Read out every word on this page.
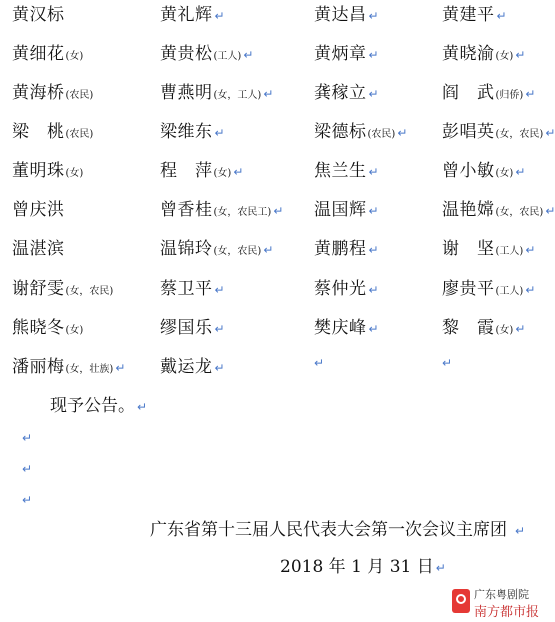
黄汉标	黄礼辉 ↵	黄达昌 ↵	黄建平 ↵
黄细花(女)	黄贵松(工人) ↵	黄炳章 ↵	黄晓渝(女) ↵
黄海桥(农民)	曹燕明(女，工人) ↵ 龚稼立 ↵	阎　武(归侨) ↵
梁　桃(农民)	梁维东 ↵	梁德标(农民) ↵ 彭唱英(女，农民) ↵
董明珠(女)	程　萍(女) ↵	焦兰生 ↵	曾小敏(女) ↵
曾庆洪	曾香桂(女，农民工) ↵ 温国辉 ↵	温艳嫦(女，农民) ↵
温湛滨	温锦玲(女，农民) ↵ 黄鹏程 ↵	谢　坚(工人) ↵
谢舒雯(女，农民)	蔡卫平 ↵	蔡仲光 ↵	廖贵平(工人) ↵
熊晓冬(女)	缪国乐 ↵	樊庆峰 ↵	黎　霞(女) ↵
潘丽梅(女，壮族) ↵ 戴运龙 ↵
现予公告。 ↵
↵
↵
↵
↵	↵
广东省第十三届人民代表大会第一次会议主席团 ↵
2018 年 1 月 31 日 ↵
广东粤剧院
南方都市报
